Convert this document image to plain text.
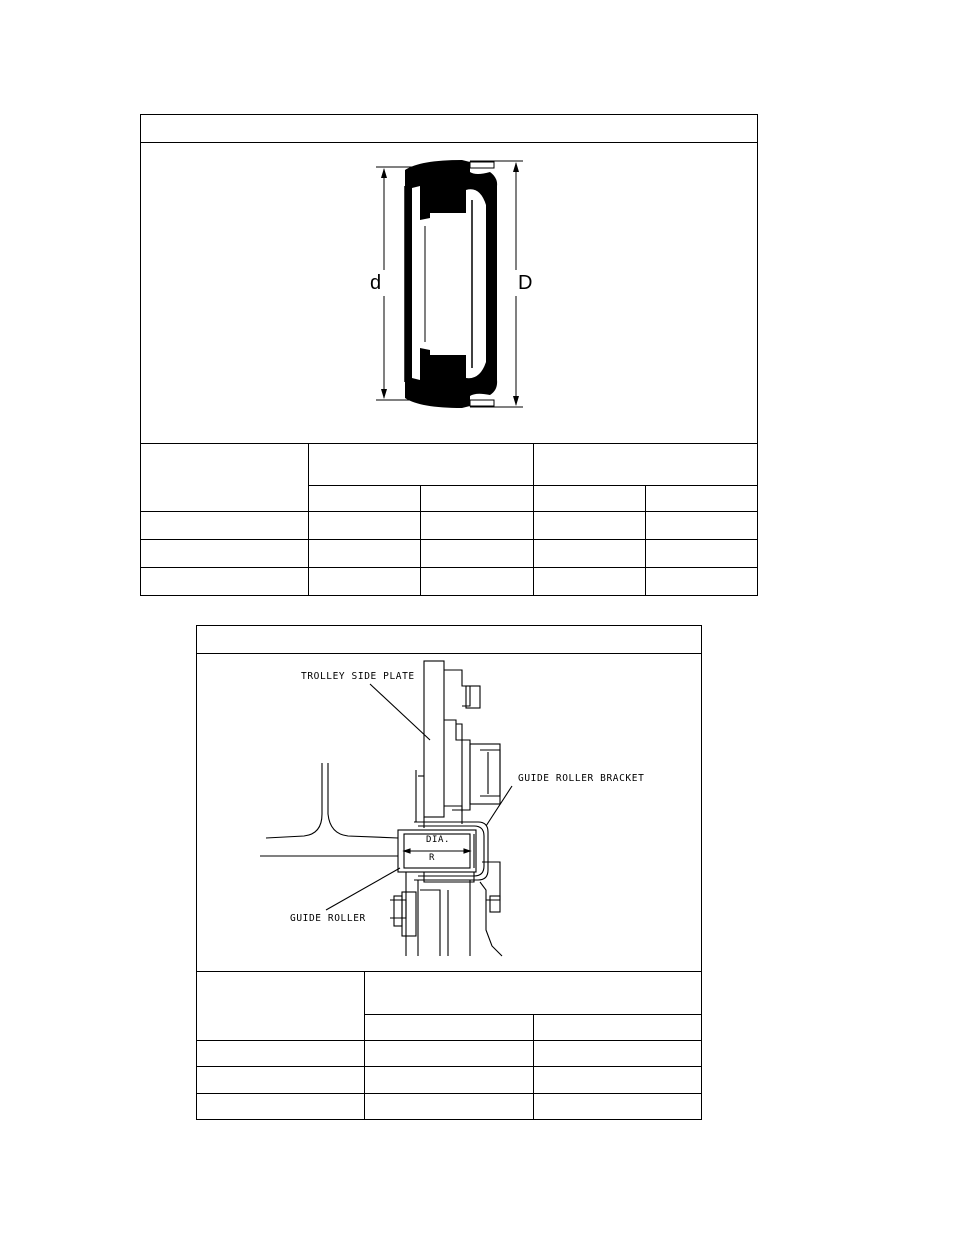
d	D
TROLLEY SIDE PLATE
GUIDE ROLLER BRACKET
GUIDE ROLLER
DIA.
R
